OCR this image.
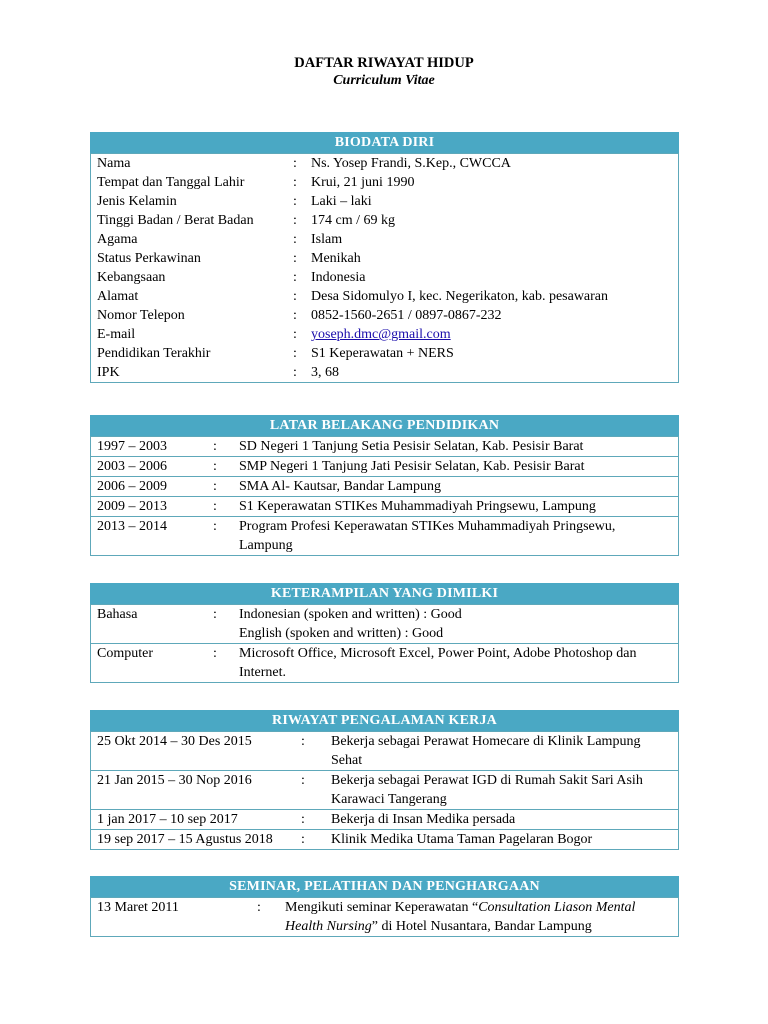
DAFTAR RIWAYAT HIDUP
Curriculum Vitae
BIODATA DIRI
Nama	:	Ns. Yosep Frandi, S.Kep., CWCCA
Tempat dan Tanggal Lahir	:	Krui, 21 juni 1990
Jenis Kelamin	:	Laki – laki
Tinggi Badan / Berat Badan	:	174 cm / 69 kg
Agama	:	Islam
Status Perkawinan	:	Menikah
Kebangsaan	:	Indonesia
Alamat	:	Desa Sidomulyo I, kec. Negerikaton, kab. pesawaran
Nomor Telepon	:	0852-1560-2651 / 0897-0867-232
E-mail	:	yoseph.dmc@gmail.com
Pendidikan Terakhir	:	S1 Keperawatan + NERS
IPK	:	3, 68
LATAR BELAKANG PENDIDIKAN
1997 – 2003	:	SD Negeri 1 Tanjung Setia Pesisir Selatan, Kab. Pesisir Barat
2003 – 2006	:	SMP Negeri 1 Tanjung Jati Pesisir Selatan, Kab. Pesisir Barat
2006 – 2009	:	SMA Al- Kautsar, Bandar Lampung
2009 – 2013	:	S1 Keperawatan STIKes Muhammadiyah Pringsewu, Lampung
2013 – 2014	:	Program Profesi Keperawatan STIKes Muhammadiyah Pringsewu,
Lampung
KETERAMPILAN YANG DIMILKI
Bahasa	:	Indonesian (spoken and written) : Good
English (spoken and written) : Good

Computer	:	Microsoft Office, Microsoft Excel, Power Point, Adobe Photoshop dan
Internet.
RIWAYAT PENGALAMAN KERJA
25 Okt 2014 – 30 Des 2015	:	Bekerja sebagai Perawat Homecare di Klinik Lampung
Sehat

21 Jan 2015 – 30 Nop 2016	:	Bekerja sebagai Perawat IGD di Rumah Sakit Sari Asih
Karawaci Tangerang

1 jan 2017 – 10 sep 2017	:	Bekerja di Insan Medika persada
19 sep 2017 – 15 Agustus 2018	:	Klinik Medika Utama Taman Pagelaran Bogor
SEMINAR, PELATIHAN DAN PENGHARGAAN
13 Maret 2011	:	Mengikuti seminar Keperawatan “Consultation Liason Mental
Health Nursing” di Hotel Nusantara, Bandar Lampung
